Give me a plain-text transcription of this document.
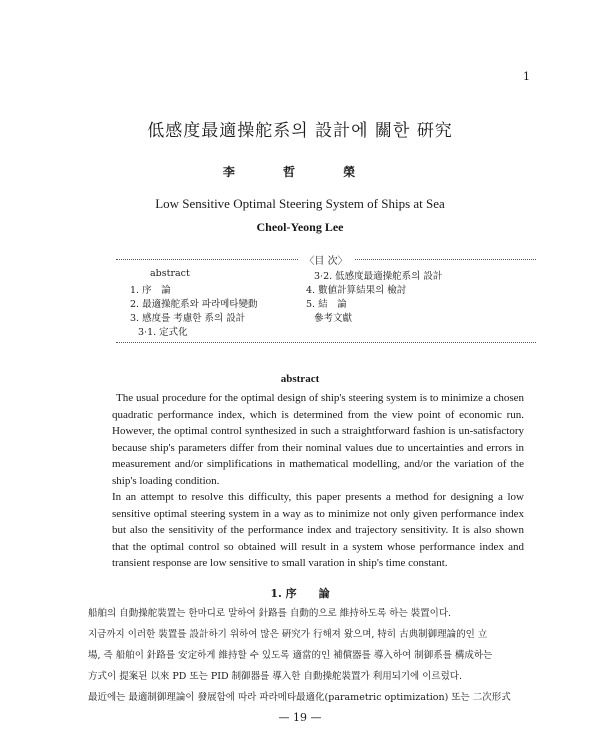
1
低感度最適操舵系의 設計에 關한 硏究
李 哲 榮
Low Sensitive Optimal Steering System of Ships at Sea
Cheol-Yeong Lee
〈目 次〉
abstract
1. 序　論
2. 最適操舵系와 파라메타變動
3. 感度를 考慮한 系의 設計
3·1. 定式化
3·2. 低感度最適操舵系의 設計
4. 數値計算結果의 檢討
5. 結　論
參考文獻
abstract

The usual procedure for the optimal design of ship's steering system is to minimize a chosen quadratic performance index, which is determined from the view point of economic run. However, the optimal control synthesized in such a straightforward fashion is un-satisfactory because ship's parameters differ from their nominal values due to uncertainties and errors in measurement and/or simplifications in mathematical modelling, and/or the variation of the ship's loading condition.

In an attempt to resolve this difficulty, this paper presents a method for designing a low sensitive optimal steering system in a way as to minimize not only given performance index but also the sensitivity of the performance index and trajectory sensitivity. It is also shown that the optimal control so obtained will result in a system whose performance index and transient response are low sensitive to small varation in ship's time constant.

1. 序　　論

船舶의 自動操舵裝置는 한마디로 말하여 針路를 自動的으로 維持하도록 하는 裝置이다.

지금까지 이러한 裝置를 設計하기 위하여 많은 硏究가 行해져 왔으며, 特히 古典制御理論的인 立

場, 즉 船舶이 針路를 安定하게 維持할 수 있도록 適當的인 補償器를 導入하여 制御系를 構成하는

方式이 提案된 以來 PD 또는 PID 制御器를 導入한 自動操舵裝置가 利用되기에 이르렀다.

最近에는 最適制御理論이 發展함에 따라 파라메타最適化(parametric optimization) 또는 二次形式

— 19 —
